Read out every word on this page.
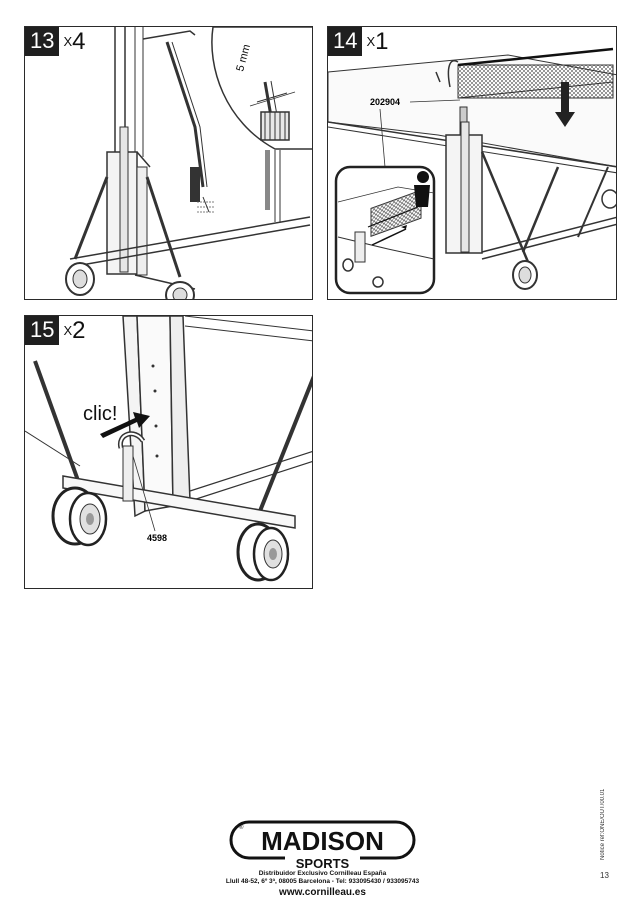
13 X 4
5 mm
14 X 1
202904
15 X 2
clic!
4598
Notice ref:ONE/OUT/00.01
13
MADISON
SPORTS
®
Distribuidor Exclusivo Cornilleau España
Llull 48-52, 6º 3ª, 08005 Barcelona - Tel: 933095430 / 933095743
www.cornilleau.es
